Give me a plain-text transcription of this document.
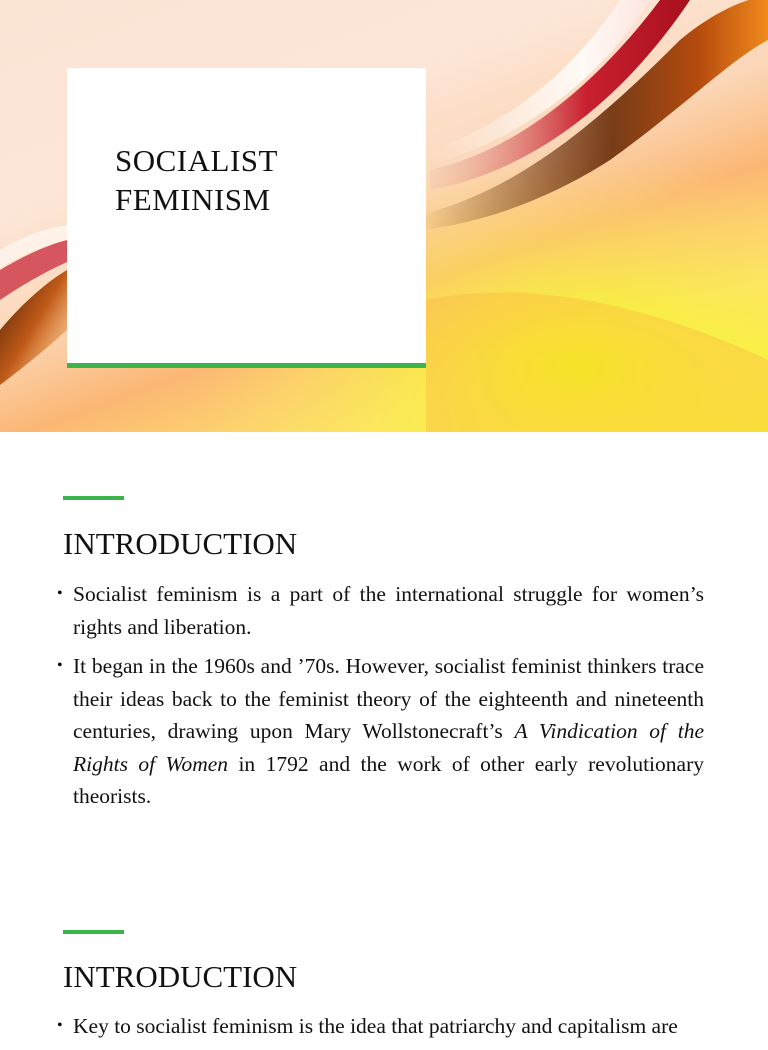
SOCIALIST
FEMINISM
INTRODUCTION
• Socialist feminism is a part of the international struggle for women’s rights and liberation.
• It began in the 1960s and ’70s. However, socialist feminist thinkers trace their ideas back to the feminist theory of the eighteenth and nineteenth centuries, drawing upon Mary Wollstonecraft’s A Vindication of the Rights of Women in 1792 and the work of other early revolutionary theorists.
INTRODUCTION
• Key to socialist feminism is the idea that patriarchy and capitalism are
